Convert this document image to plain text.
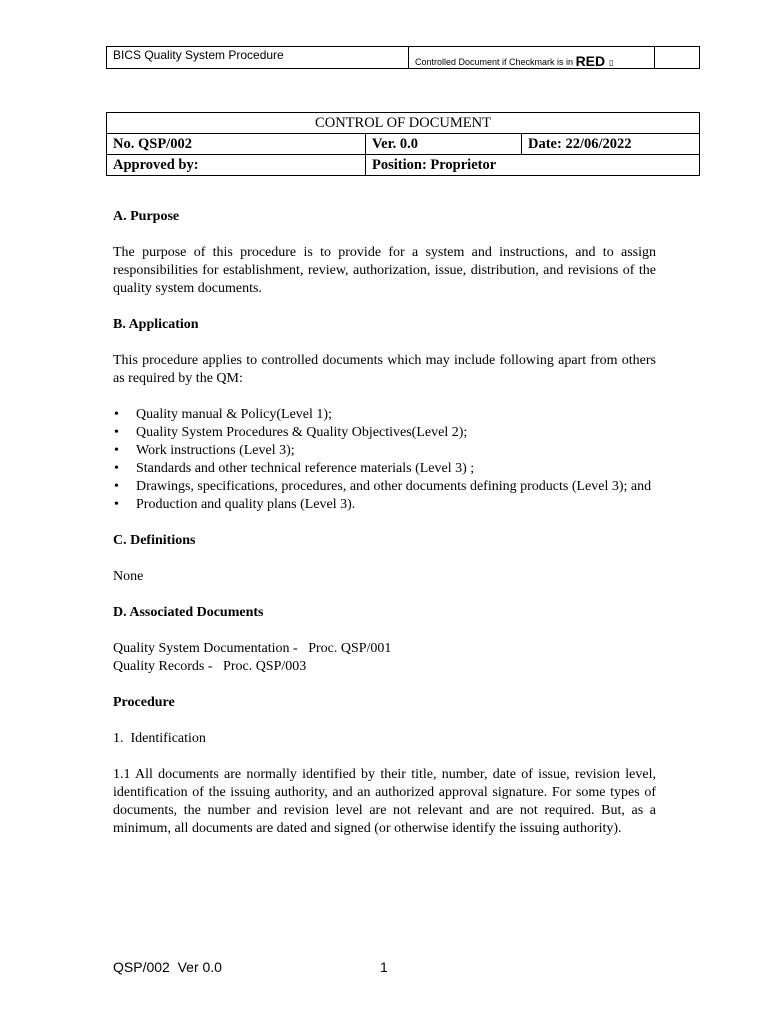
BICS Quality System Procedure	Controlled Document if Checkmark is in RED ▯
CONTROL OF DOCUMENT		
No. QSP/002	Ver. 0.0	Date: 22/06/2022
Approved by:	Position: Proprietor	

A. Purpose

The purpose of this procedure is to provide for a system and instructions, and to assign responsibilities for establishment, review, authorization, issue, distribution, and revisions of the quality system documents.

B. Application

This procedure applies to controlled documents which may include following apart from others as required by the QM:

• Quality manual & Policy(Level 1);
• Quality System Procedures & Quality Objectives(Level 2);
• Work instructions (Level 3);
• Standards and other technical reference materials (Level 3) ;
• Drawings, specifications, procedures, and other documents defining products (Level 3); and
• Production and quality plans (Level 3).

C. Definitions

None

D. Associated Documents

Quality System Documentation -   Proc. QSP/001

Quality Records -   Proc. QSP/003

Procedure

1.  Identification

1.1 All documents are normally identified by their title, number, date of issue, revision level, identification of the issuing authority, and an authorized approval signature. For some types of documents, the number and revision level are not relevant and are not required. But, as a minimum, all documents are dated and signed (or otherwise identify the issuing authority).

QSP/002  Ver 0.0	1
